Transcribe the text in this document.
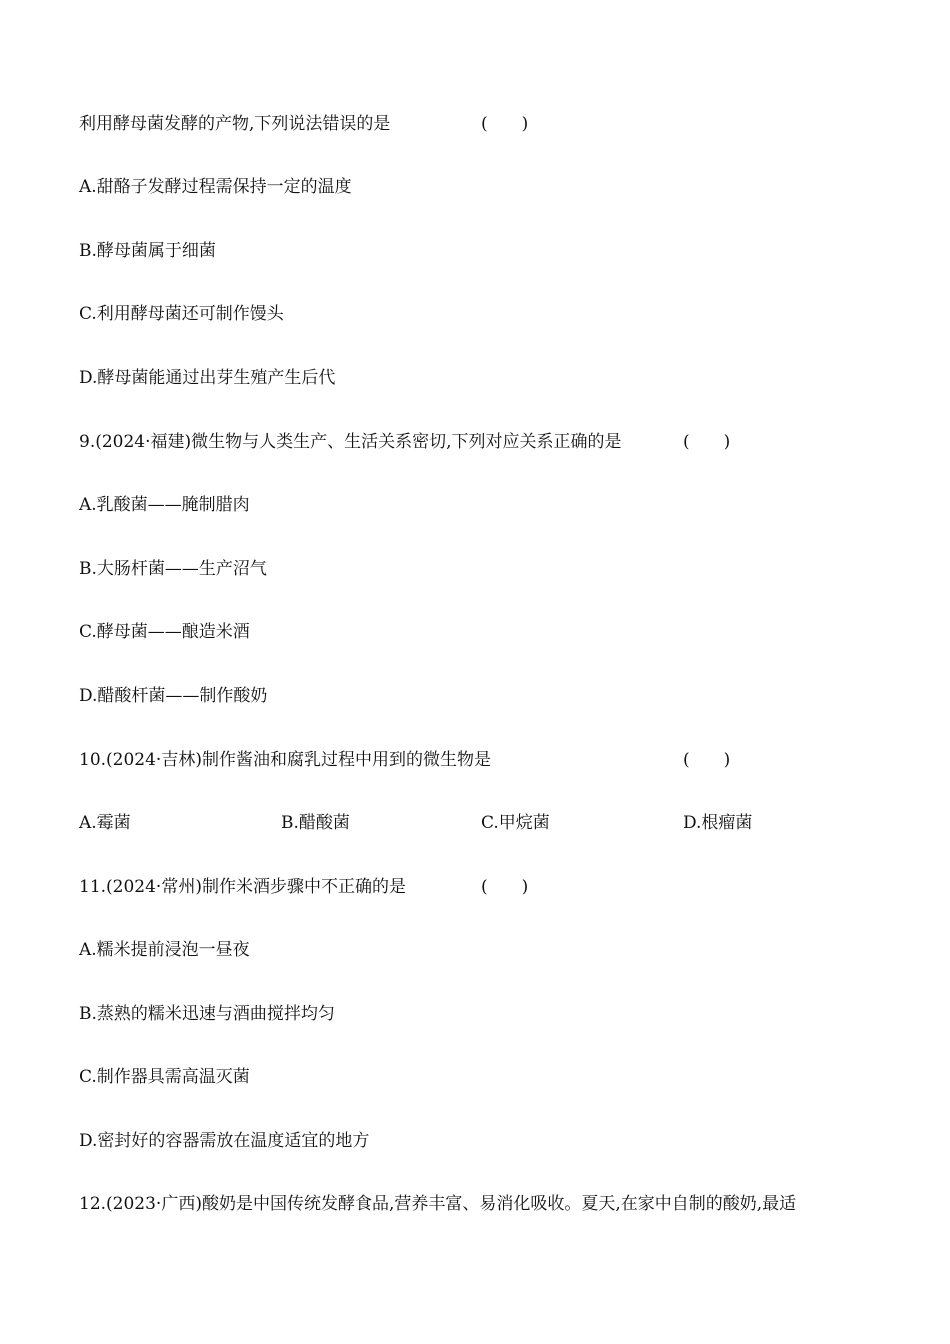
利用酵母菌发酵的产物,下列说法错误的是	(　　)
A.甜酪子发酵过程需保持一定的温度
B.酵母菌属于细菌
C.利用酵母菌还可制作馒头
D.酵母菌能通过出芽生殖产生后代
9.(2024·福建)微生物与人类生产、生活关系密切,下列对应关系正确的是	(　　)
A.乳酸菌——腌制腊肉
B.大肠杆菌——生产沼气
C.酵母菌——酿造米酒
D.醋酸杆菌——制作酸奶
10.(2024·吉林)制作酱油和腐乳过程中用到的微生物是	(　　)
A.霉菌	B.醋酸菌	C.甲烷菌	D.根瘤菌
11.(2024·常州)制作米酒步骤中不正确的是	(　　)
A.糯米提前浸泡一昼夜
B.蒸熟的糯米迅速与酒曲搅拌均匀
C.制作器具需高温灭菌
D.密封好的容器需放在温度适宜的地方
12.(2023·广西)酸奶是中国传统发酵食品,营养丰富、易消化吸收。夏天,在家中自制的酸奶,最适
